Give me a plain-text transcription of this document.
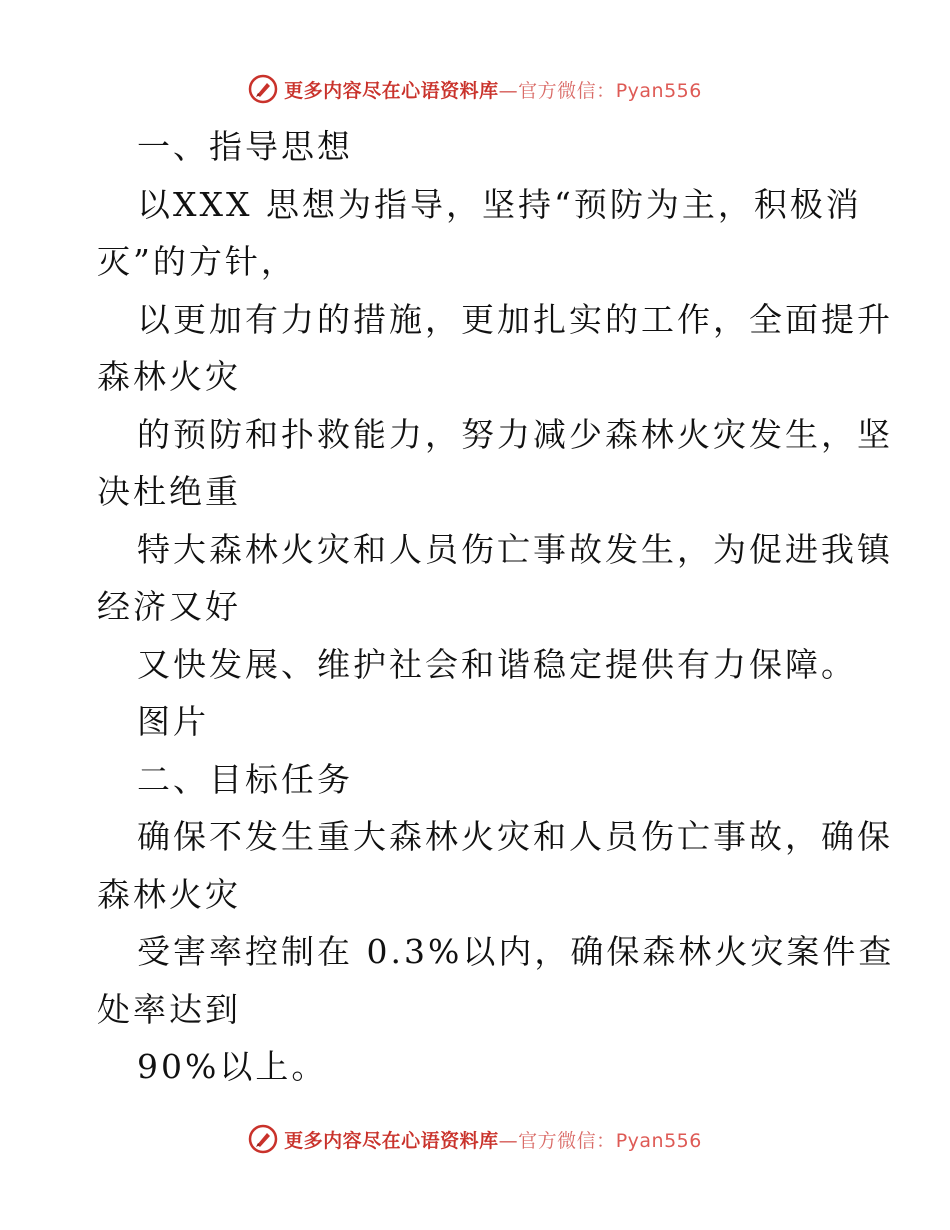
更多内容尽在心语资料库—官方微信：Pyan556
一、指导思想
以XXX 思想为指导，坚持“预防为主，积极消
灭”的方针，
以更加有力的措施，更加扎实的工作，全面提升
森林火灾
的预防和扑救能力，努力减少森林火灾发生，坚
决杜绝重
特大森林火灾和人员伤亡事故发生，为促进我镇
经济又好
又快发展、维护社会和谐稳定提供有力保障。
图片
二、目标任务
确保不发生重大森林火灾和人员伤亡事故，确保
森林火灾
受害率控制在 0.3%以内，确保森林火灾案件查
处率达到
90%以上。
更多内容尽在心语资料库—官方微信：Pyan556
